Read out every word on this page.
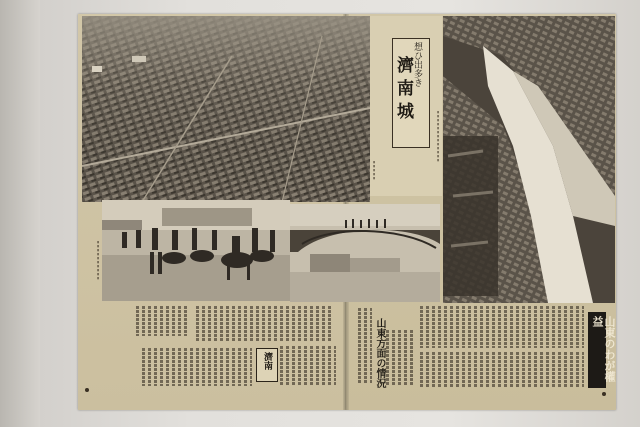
想ひ出多き
濟南城
▮▮▮▮▮▮▮▮▮▮▮▮▮
▮▮▮▮▮
▮▮▮▮▮▮▮▮▮▮
山東方面の情況
濟南	山東のわが權益
